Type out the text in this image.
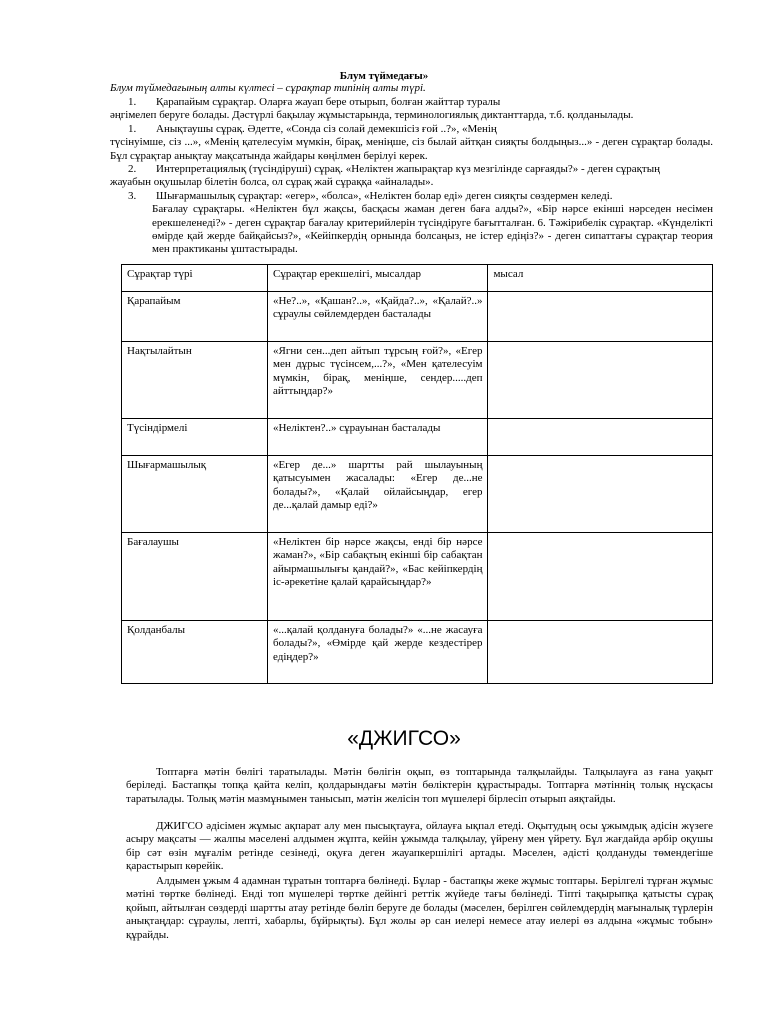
Блум түймедағы»
Блум түймедағының алты күлтесі – сұрақтар типінің алты түрі.
1. Қарапайым сұрақтар. Оларға жауап бере отырып, болған жайттар туралы
әңгімелеп беруге болады. Дәстүрлі бақылау жұмыстарында, терминологиялық диктанттарда, т.б. қолданылады.
1. Анықтаушы сұрақ. Әдетте, «Сонда сіз солай демекшісіз ғой ..?», «Менің
түсінуімше, сіз ...», «Менің қателесуім мүмкін, бірақ, меніңше, сіз былай айтқан сияқты болдыңыз...» - деген сұрақтар болады. Бұл сұрақтар анықтау мақсатында жайдары көңілмен берілуі керек.
2. Интерпретациялық (түсіндіруші) сұрақ. «Неліктен жапырақтар күз мезгілінде сарғаяды?» - деген сұрақтың
жауабын оқушылар білетін болса, ол сұрақ жай сұраққа «айналады».
3. Шығармашылық сұрақтар: «егер», «болса», «Неліктен болар еді» деген сияқты сөздермен келеді.
Бағалау сұрақтары. «Неліктен бұл жақсы, басқасы жаман деген баға алды?», «Бір нәрсе екінші нәрседен несімен ерекшеленеді?» - деген сұрақтар бағалау критерийлерін түсіндіруге бағытталған. 6. Тәжірибелік сұрақтар. «Күнделікті өмірде қай жерде байқайсыз?», «Кейіпкердің орнында болсаңыз, не істер едіңіз?» - деген сипаттағы сұрақтар теория мен практиканы ұштастырады.
Сұрақтар түрі	Сұрақтар ерекшелігі, мысалдар	мысал
Қарапайым	«Не?..», «Қашан?..», «Қайда?..», «Қалай?..» сұраулы сөйлемдерден басталады	
Нақтылайтын	«Ягни сен...деп айтып тұрсың ғой?», «Егер мен дұрыс түсінсем,...?», «Мен қателесуім мүмкін, бірақ, меніңше, сендер.....деп айттыңдар?»	
Түсіндірмелі	«Неліктен?..» сұрауынан басталады	
Шығармашылық	«Егер де...» шартты рай шылауының қатысуымен жасалады: «Егер де...не болады?», «Қалай ойлайсыңдар, егер де...қалай дамыр еді?»	
Бағалаушы	«Неліктен бір нәрсе жақсы, енді бір нәрсе жаман?», «Бір сабақтың екінші бір сабақтан айырмашылығы қандай?», «Бас кейіпкердің іс-әрекетіне қалай қарайсыңдар?»	
Қолданбалы	«...қалай қолдануға болады?» «...не жасауға болады?», «Өмірде қай жерде кездестірер едіңдер?»	
«ДЖИГСО»
Топтарға мәтін бөлігі таратылады. Мәтін бөлігін оқып, өз топтарында талқылайды. Талқылауға аз ғана уақыт беріледі. Бастапқы топқа қайта келіп, қолдарындағы мәтін бөліктерін құрастырады. Топтарға мәтіннің толық нұсқасы таратылады. Толық мәтін мазмұнымен танысып, мәтін желісін топ мүшелері бірлесіп отырып аяқтайды.
ДЖИГСО әдісімен жұмыс ақпарат алу мен пысықтауға, ойлауға ықпал етеді. Оқытудың осы ұжымдық әдісін жүзеге асыру мақсаты — жалпы мәселені алдымен жұпта, кейін ұжымда талқылау, үйрену мен үйрету. Бұл жағдайда әрбір оқушы бір сәт өзін мұғалім ретінде сезінеді, оқуға деген жауапкершілігі артады. Мәселен, әдісті қолдануды төмендегіше қарастырып көрейік.
Алдымен ұжым 4 адамнан тұратын топтарға бөлінеді. Бұлар - бастапқы жеке жұмыс топтары. Берілгелі тұрған жұмыс мәтіні төртке бөлінеді. Енді топ мүшелері төртке дейінгі реттік жүйеде тағы бөлінеді. Тіпті тақырыпқа қатысты сұрақ қойып, айтылған сөздерді шартты атау ретінде бөліп беруге де болады (мәселен, берілген сөйлемдердің мағыналық түрлерін анықтаңдар: сұраулы, лепті, хабарлы, бұйрықты). Бұл жолы әр сан иелері немесе атау иелері өз алдына «жұмыс тобын» құрайды.
